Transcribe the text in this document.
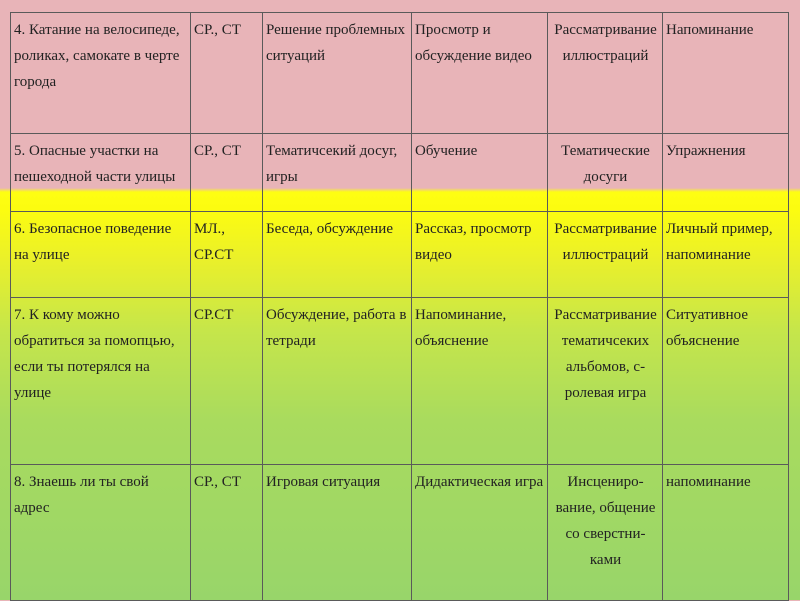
4. Катание на велосипеде, роликах, самокате в черте города	СР., СТ	Решение проблемных ситуаций	Просмотр и обсуждение видео	Рассматривание иллюстраций	Напоминание
5. Опасные участки на пешеходной части улицы	СР., СТ	Тематичсекий досуг, игры	Обучение	Тематические досуги	Упражнения
6. Безопасное поведение на улице	МЛ., СР.СТ	Беседа, обсуждение	Рассказ, просмотр видео	Рассматривание иллюстраций	Личный пример, напоминание
7. К кому можно обратиться за помопцью, если ты потерялся на улице	СР.СТ	Обсуждение, работа в тетради	Напоминание, объяснение	Рассматривание тематичсеких альбомов, с-ролевая игра	Ситуативное объяснение
8. Знаешь ли ты свой адрес	СР., СТ	Игровая ситуация	Дидактическая игра	Инсцениро-вание, общение со сверстни-ками	напоминание
